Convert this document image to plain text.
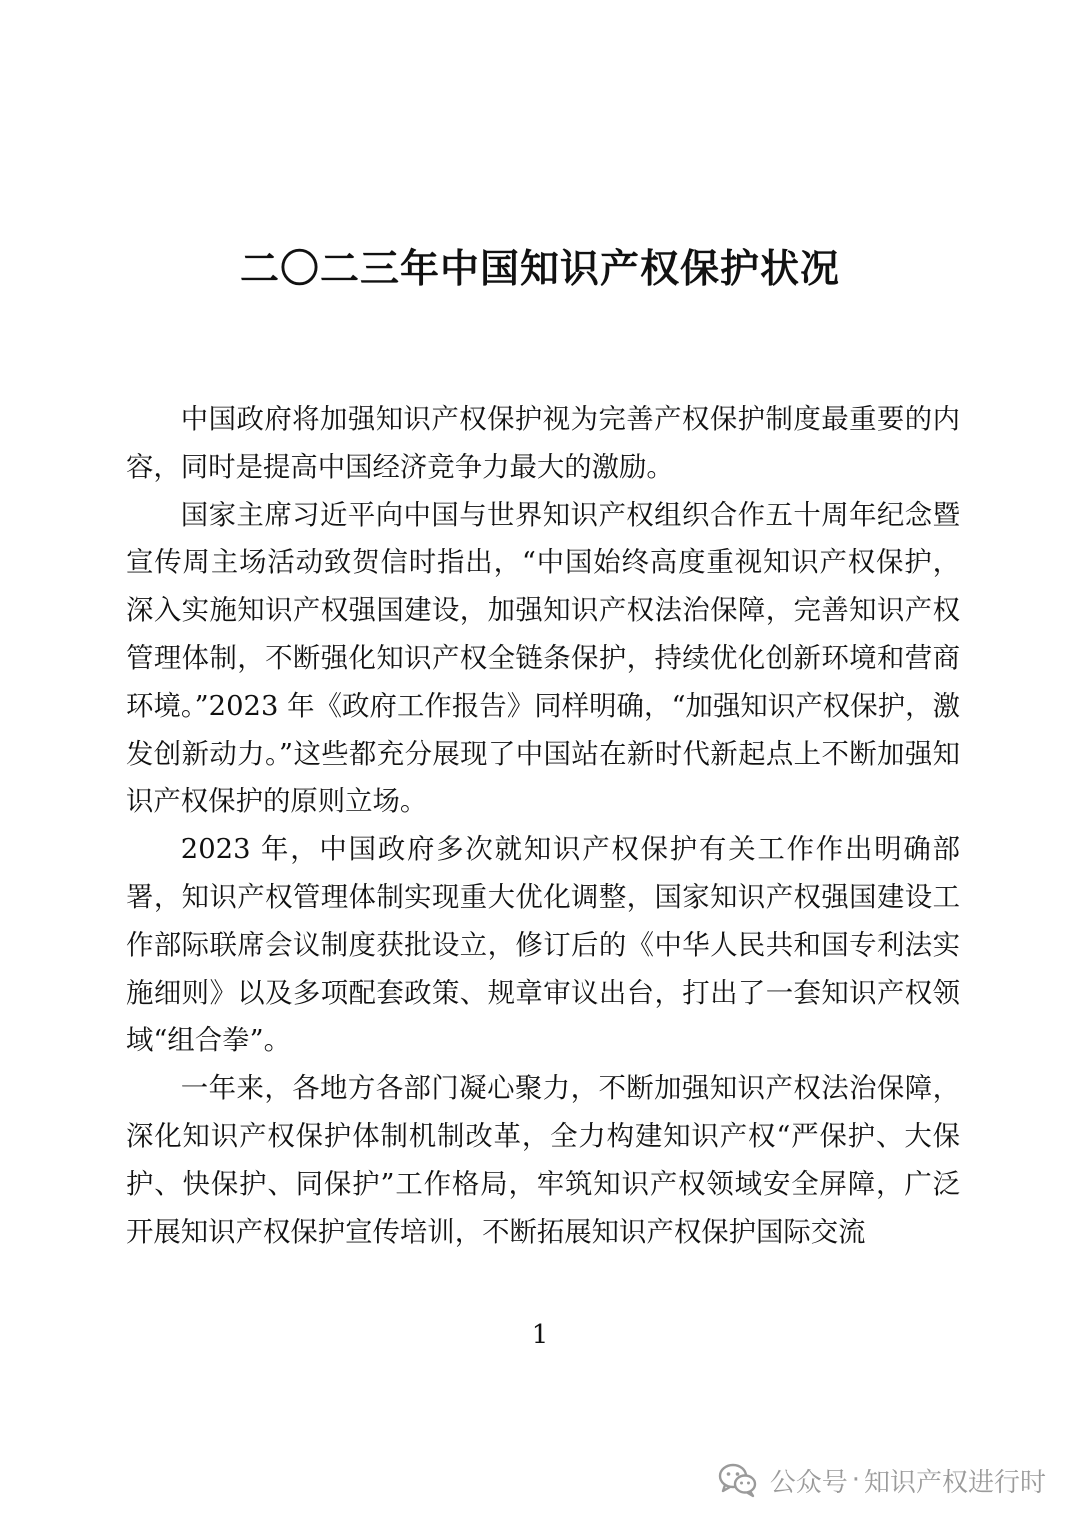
二〇二三年中国知识产权保护状况

中国政府将加强知识产权保护视为完善产权保护制度最重要的内容，同时是提高中国经济竞争力最大的激励。

国家主席习近平向中国与世界知识产权组织合作五十周年纪念暨宣传周主场活动致贺信时指出，“中国始终高度重视知识产权保护，深入实施知识产权强国建设，加强知识产权法治保障，完善知识产权管理体制，不断强化知识产权全链条保护，持续优化创新环境和营商环境。”2023 年《政府工作报告》同样明确，“加强知识产权保护，激发创新动力。”这些都充分展现了中国站在新时代新起点上不断加强知识产权保护的原则立场。

2023 年，中国政府多次就知识产权保护有关工作作出明确部署，知识产权管理体制实现重大优化调整，国家知识产权强国建设工作部际联席会议制度获批设立，修订后的《中华人民共和国专利法实施细则》以及多项配套政策、规章审议出台，打出了一套知识产权领域“组合拳”。

一年来，各地方各部门凝心聚力，不断加强知识产权法治保障，深化知识产权保护体制机制改革，全力构建知识产权“严保护、大保护、快保护、同保护”工作格局，牢筑知识产权领域安全屏障，广泛开展知识产权保护宣传培训，不断拓展知识产权保护国际交流

1
公众号 · 知识产权进行时
